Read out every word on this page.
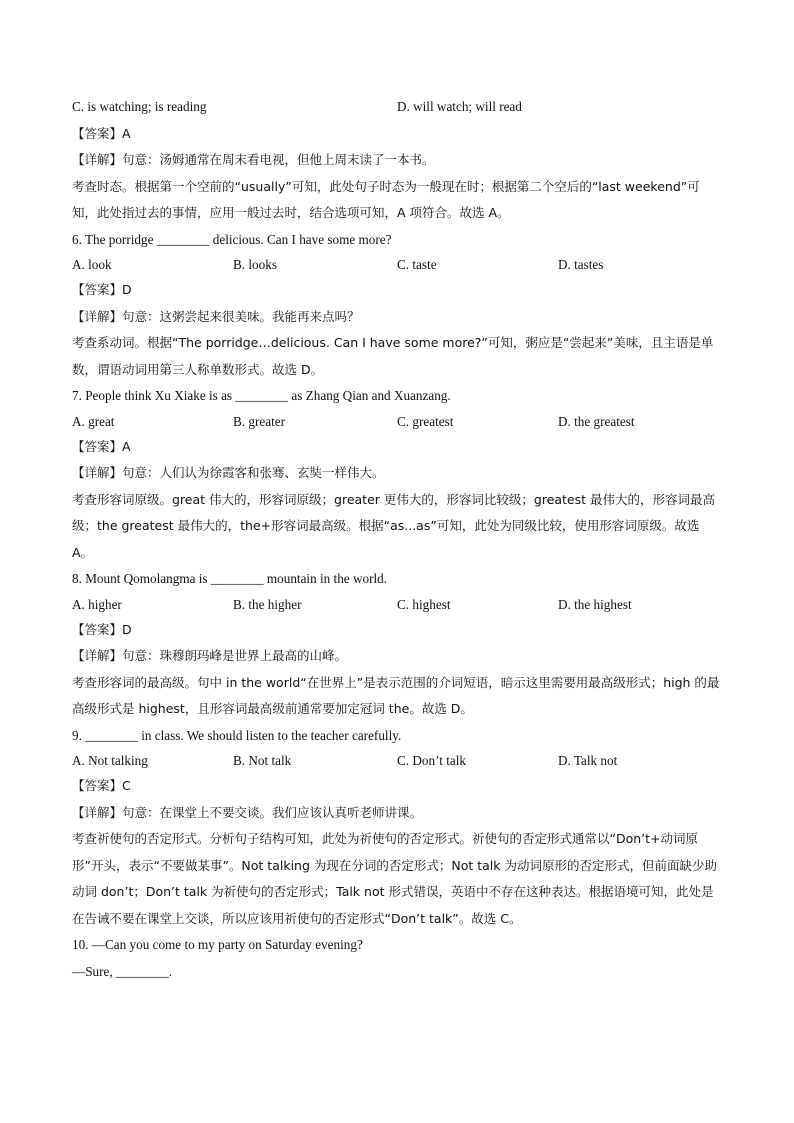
C. is watching; is reading	D. will watch; will read
【答案】A
【详解】句意：汤姆通常在周末看电视，但他上周末读了一本书。
考查时态。根据第一个空前的“usually”可知，此处句子时态为一般现在时；根据第二个空后的“last weekend”可知，此处指过去的事情，应用一般过去时，结合选项可知，A 项符合。故选 A。
6. The porridge ________ delicious. Can I have some more?
A. look	B. looks	C. taste	D. tastes
【答案】D
【详解】句意：这粥尝起来很美味。我能再来点吗？
考查系动词。根据“The porridge…delicious. Can I have some more?”可知，粥应是“尝起来”美味，且主语是单数，谓语动词用第三人称单数形式。故选 D。
7. People think Xu Xiake is as ________ as Zhang Qian and Xuanzang.
A. great	B. greater	C. greatest	D. the greatest
【答案】A
【详解】句意：人们认为徐霞客和张骞、玄奘一样伟大。
考查形容词原级。great 伟大的，形容词原级；greater 更伟大的，形容词比较级；greatest 最伟大的，形容词最高级；the greatest 最伟大的，the+形容词最高级。根据“as...as”可知，此处为同级比较，使用形容词原级。故选 A。
8. Mount Qomolangma is ________ mountain in the world.
A. higher	B. the higher	C. highest	D. the highest
【答案】D
【详解】句意：珠穆朗玛峰是世界上最高的山峰。
考查形容词的最高级。句中 in the world“在世界上”是表示范围的介词短语，暗示这里需要用最高级形式；high 的最高级形式是 highest，且形容词最高级前通常要加定冠词 the。故选 D。
9. ________ in class. We should listen to the teacher carefully.
A. Not talking	B. Not talk	C. Don’t talk	D. Talk not
【答案】C
【详解】句意：在课堂上不要交谈。我们应该认真听老师讲课。
考查祈使句的否定形式。分析句子结构可知，此处为祈使句的否定形式。祈使句的否定形式通常以“Don’t+动词原形”开头，表示“不要做某事”。Not talking 为现在分词的否定形式；Not talk 为动词原形的否定形式，但前面缺少助动词 don’t；Don’t talk 为祈使句的否定形式；Talk not 形式错误，英语中不存在这种表达。根据语境可知，此处是在告诫不要在课堂上交谈，所以应该用祈使句的否定形式“Don’t talk”。故选 C。
10. —Can you come to my party on Saturday evening?
—Sure, ________.
